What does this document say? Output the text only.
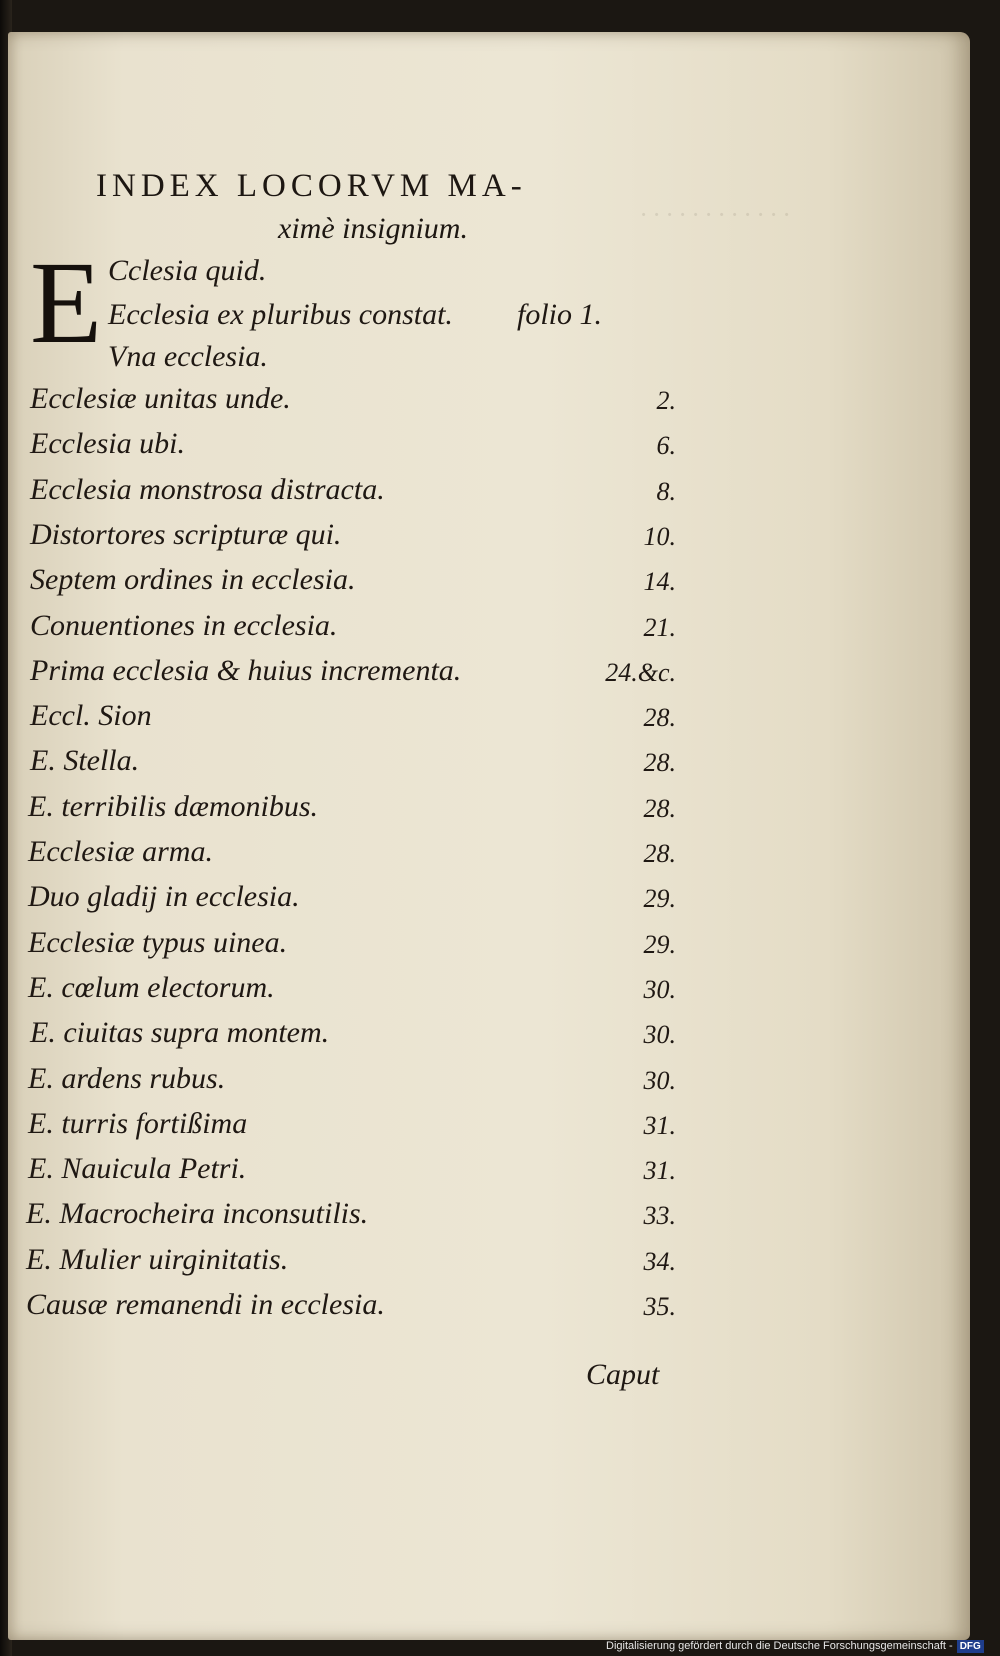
· · · · · · · · · · · ·
INDEX LOCORVM MA-
ximè insignium.
E Cclesia quid.
Ecclesia ex pluribus constat. folio 1.
Vna ecclesia.
Ecclesiæ unitas unde.	2.
Ecclesia ubi.	6.
Ecclesia monstrosa distracta.	8.
Distortores scripturæ qui.	10.
Septem ordines in ecclesia.	14.
Conuentiones in ecclesia.	21.
Prima ecclesia & huius incrementa.	24.&c.
Eccl. Sion	28.
E. Stella.	28.
E. terribilis dæmonibus.	28.
Ecclesiæ arma.	28.
Duo gladij in ecclesia.	29.
Ecclesiæ typus uinea.	29.
E. cœlum electorum.	30.
E. ciuitas supra montem.	30.
E. ardens rubus.	30.
E. turris fortißima	31.
E. Nauicula Petri.	31.
E. Macrocheira inconsutilis.	33.
E. Mulier uirginitatis.	34.
Causæ remanendi in ecclesia.	35.
Caput
Digitalisierung gefördert durch die Deutsche Forschungsgemeinschaft - DFG
